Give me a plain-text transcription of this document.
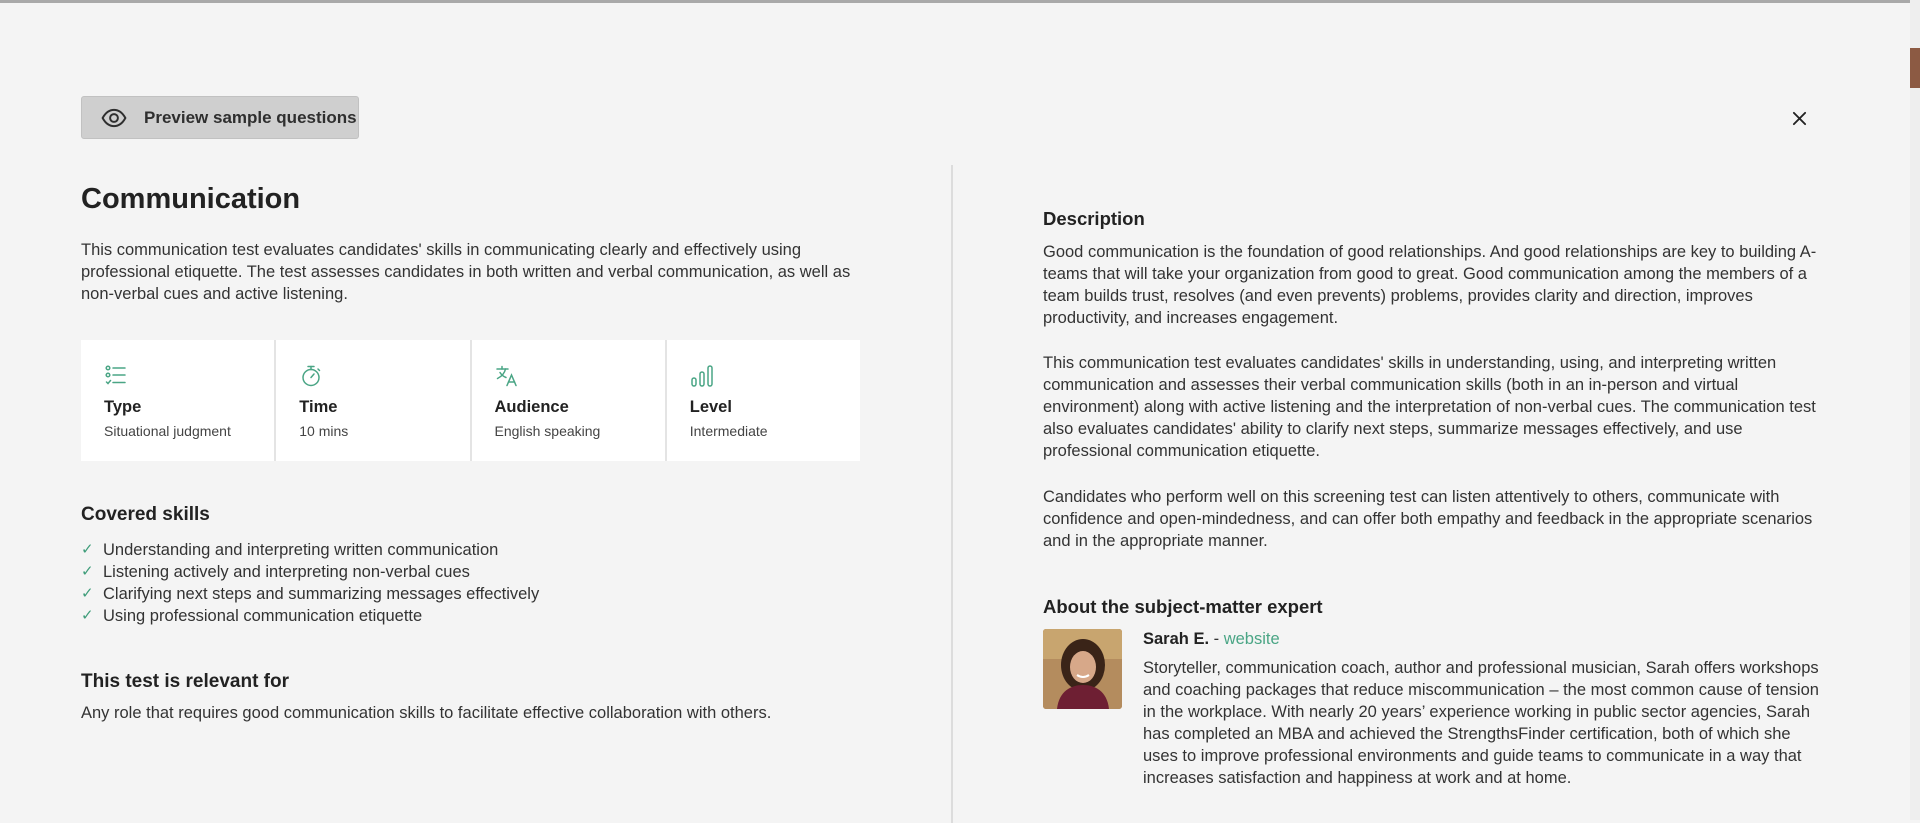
Preview sample questions
Communication

This communication test evaluates candidates' skills in communicating clearly and effectively using professional etiquette. The test assesses candidates in both written and verbal communication, as well as non-verbal cues and active listening.

Type
Situational judgment
Time
10 mins
Audience
English speaking
Level
Intermediate
Covered skills
✓ Understanding and interpreting written communication
✓ Listening actively and interpreting non-verbal cues
✓ Clarifying next steps and summarizing messages effectively
✓ Using professional communication etiquette
This test is relevant for

Any role that requires good communication skills to facilitate effective collaboration with others.

Description

Good communication is the foundation of good relationships. And good relationships are key to building A-teams that will take your organization from good to great. Good communication among the members of a team builds trust, resolves (and even prevents) problems, provides clarity and direction, improves productivity, and increases engagement.

This communication test evaluates candidates' skills in understanding, using, and interpreting written communication and assesses their verbal communication skills (both in an in-person and virtual environment) along with active listening and the interpretation of non-verbal cues. The communication test also evaluates candidates' ability to clarify next steps, summarize messages effectively, and use professional communication etiquette.

Candidates who perform well on this screening test can listen attentively to others, communicate with confidence and open-mindedness, and can offer both empathy and feedback in the appropriate scenarios and in the appropriate manner.

About the subject-matter expert
Sarah E. - website

Storyteller, communication coach, author and professional musician, Sarah offers workshops and coaching packages that reduce miscommunication – the most common cause of tension in the workplace. With nearly 20 years’ experience working in public sector agencies, Sarah has completed an MBA and achieved the StrengthsFinder certification, both of which she uses to improve professional environments and guide teams to communicate in a way that increases satisfaction and happiness at work and at home.
